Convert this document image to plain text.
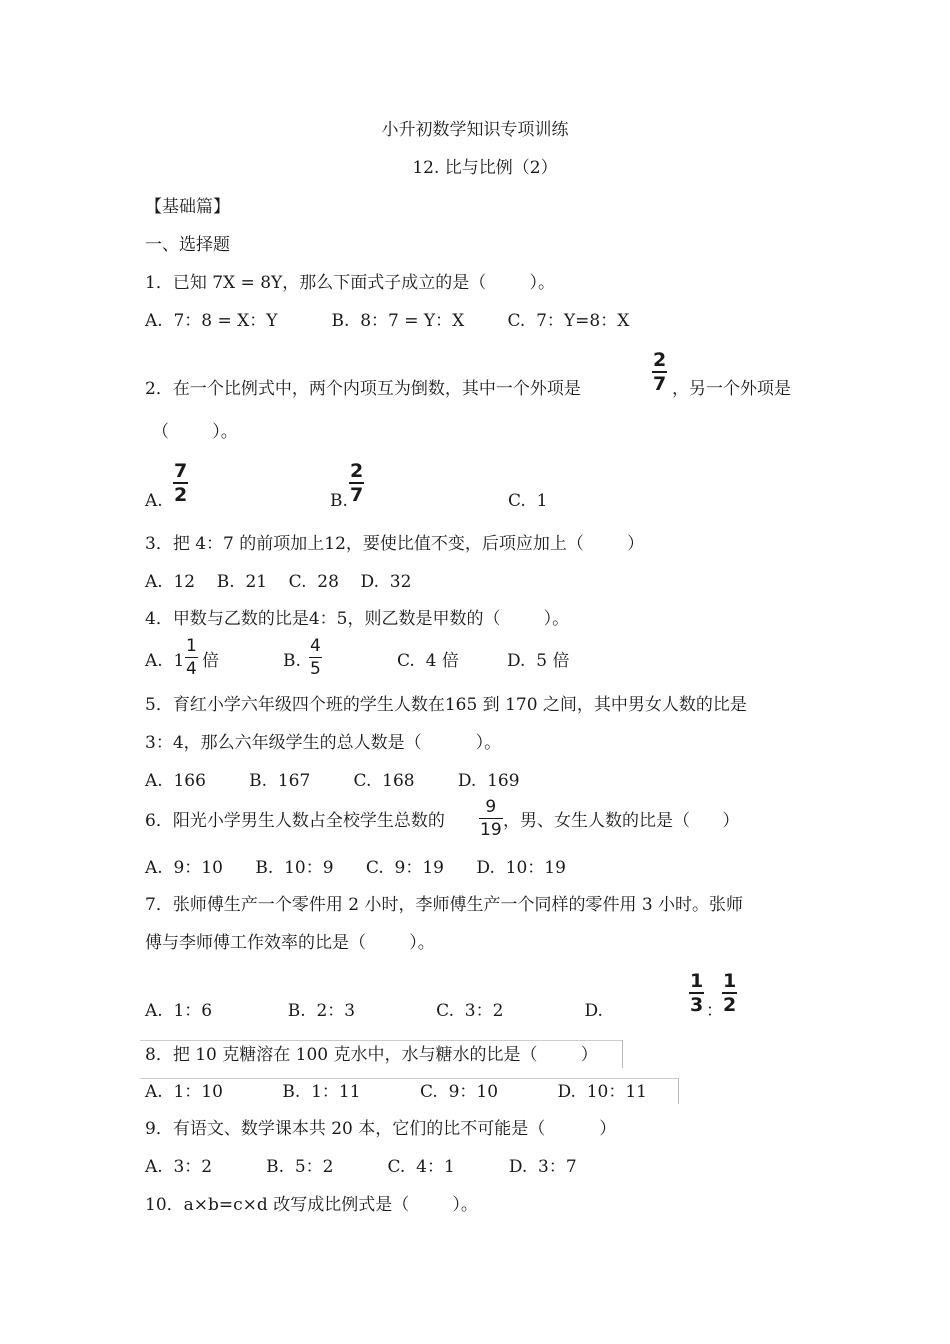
小升初数学知识专项训练
12. 比与比例（2）
【基础篇】
一、选择题
1．已知 7X = 8Y，那么下面式子成立的是（        ）。
A.  7：8 = X：Y          B.  8：7 = Y：X        C.  7：Y=8：X
2．在一个比例式中，两个内项互为倒数，其中一个外项是
2
7 ，另一个外项是
（        ）。
A.
7
2	B.
2
7	C.  1
3．把 4：7 的前项加上12，要使比值不变，后项应加上（        ）
A.  12    B.  21    C.  28    D.  32
4．甲数与乙数的比是4：5，则乙数是甲数的（        ）。
A.  1
1
4 倍	B.
4
5	C.  4 倍	D.  5 倍
5．育红小学六年级四个班的学生人数在165 到 170 之间，其中男女人数的比是
3：4，那么六年级学生的总人数是（          ）。
A.  166        B.  167        C.  168        D.  169
6．阳光小学男生人数占全校学生总数的
9
19 ，男、女生人数的比是（      ）
A.  9：10      B.  10：9      C.  9：19      D.  10：19
7．张师傅生产一个零件用 2 小时，李师傅生产一个同样的零件用 3 小时。张师
傅与李师傅工作效率的比是（        ）。
A.  1：6              B.  2：3               C.  3：2               D.
1
3 ：
1
2
8．把 10 克糖溶在 100 克水中，水与糖水的比是（        ）
A.  1：10           B.  1：11           C.  9：10           D.  10：11
9．有语文、数学课本共 20 本，它们的比不可能是（          ）
A.  3：2          B.  5：2          C.  4：1          D.  3：7
10．a×b=c×d 改写成比例式是（        ）。
